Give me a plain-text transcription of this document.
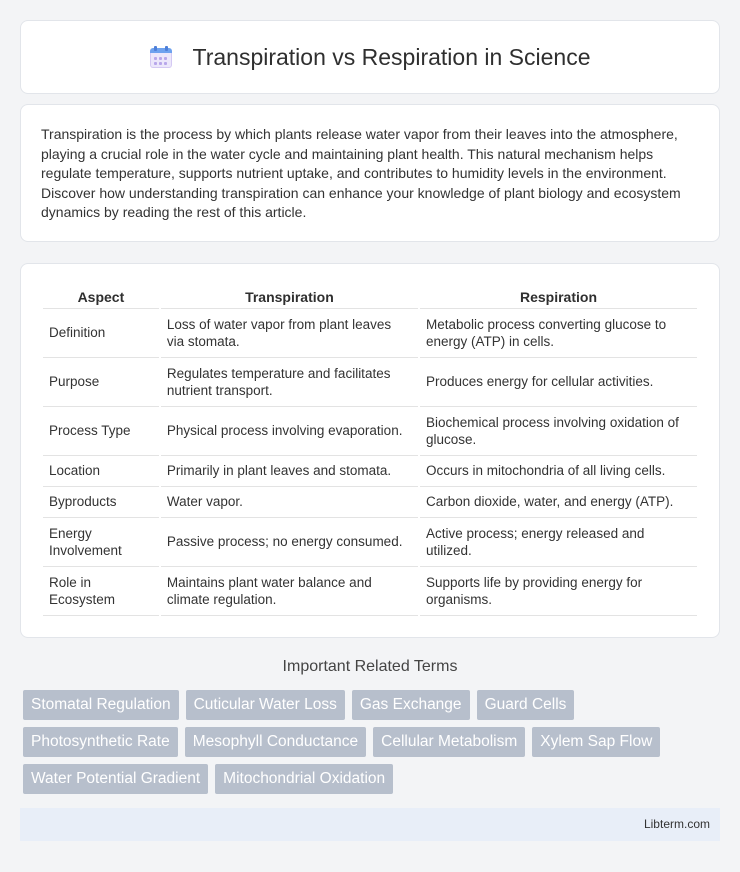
Transpiration vs Respiration in Science

Transpiration is the process by which plants release water vapor from their leaves into the atmosphere, playing a crucial role in the water cycle and maintaining plant health. This natural mechanism helps regulate temperature, supports nutrient uptake, and contributes to humidity levels in the environment. Discover how understanding transpiration can enhance your knowledge of plant biology and ecosystem dynamics by reading the rest of this article.

Aspect	Transpiration	Respiration
Definition	Loss of water vapor from plant leaves via stomata.	Metabolic process converting glucose to energy (ATP) in cells.
Purpose	Regulates temperature and facilitates nutrient transport.	Produces energy for cellular activities.
Process Type	Physical process involving evaporation.	Biochemical process involving oxidation of glucose.
Location	Primarily in plant leaves and stomata.	Occurs in mitochondria of all living cells.
Byproducts	Water vapor.	Carbon dioxide, water, and energy (ATP).
Energy Involvement	Passive process; no energy consumed.	Active process; energy released and utilized.
Role in Ecosystem	Maintains plant water balance and climate regulation.	Supports life by providing energy for organisms.
Important Related Terms
Stomatal Regulation	Cuticular Water Loss	Gas Exchange	Guard Cells
Photosynthetic Rate	Mesophyll Conductance	Cellular Metabolism	Xylem Sap Flow
Water Potential Gradient	Mitochondrial Oxidation
Libterm.com
